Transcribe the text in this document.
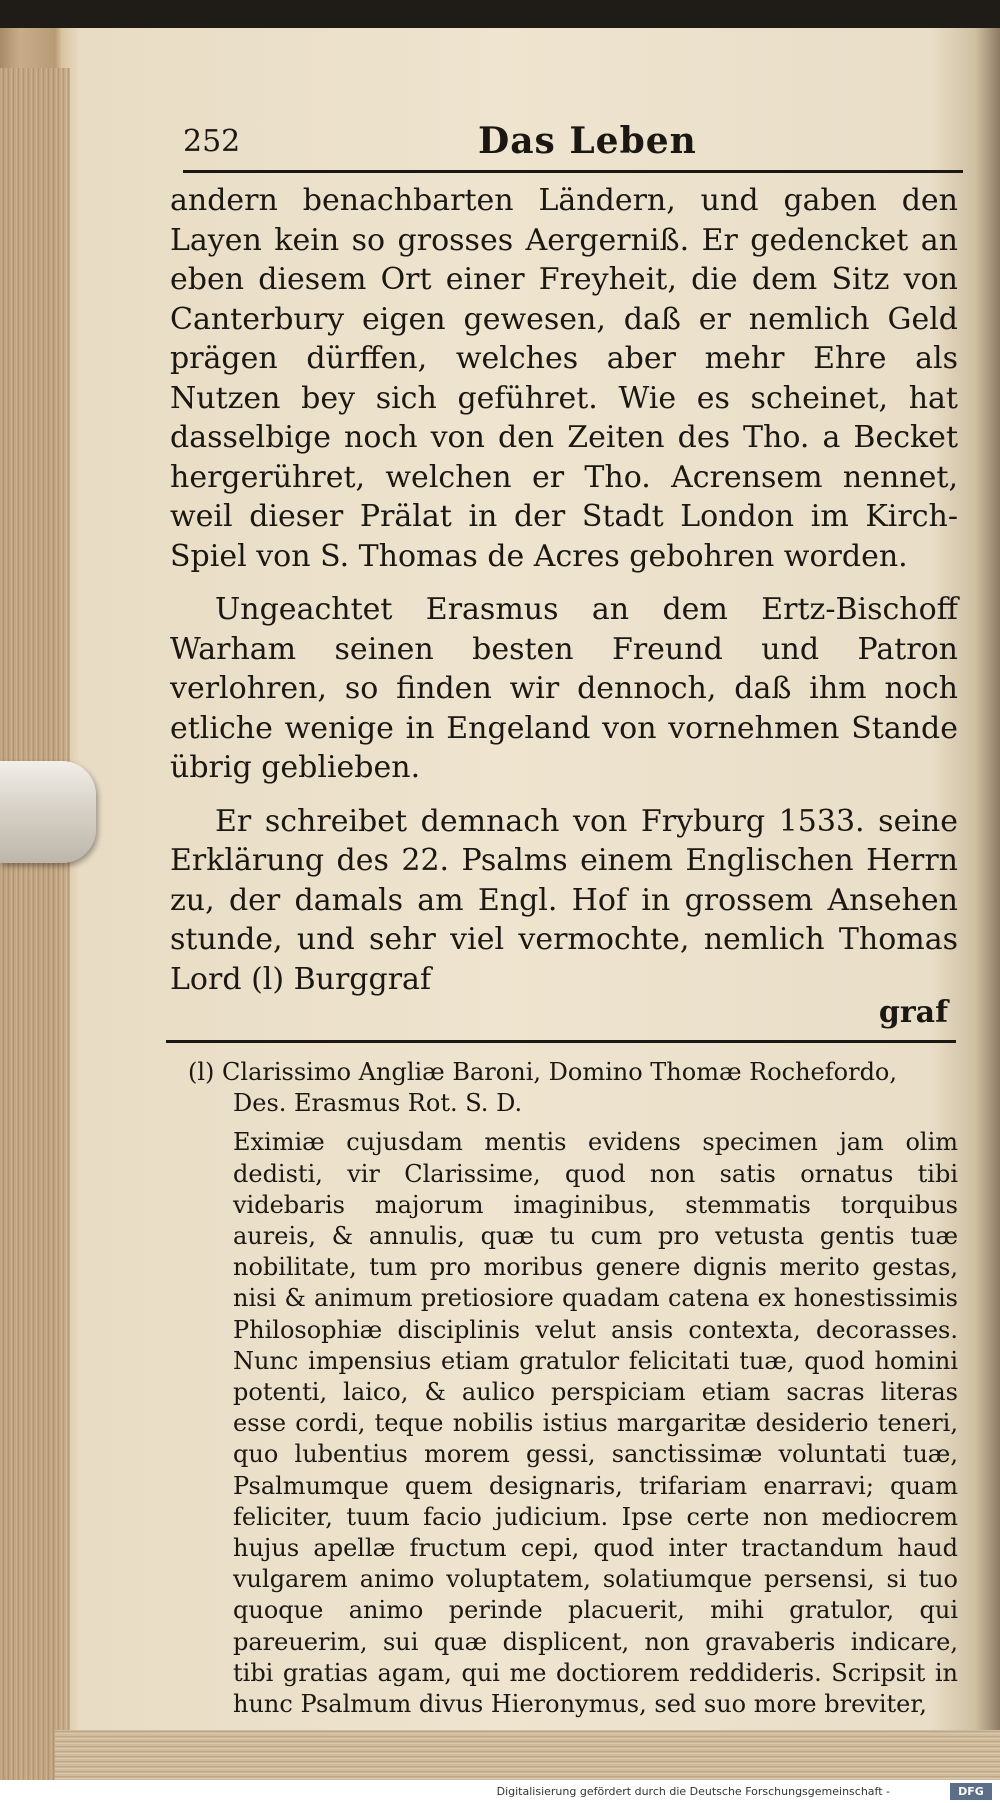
252	Das Leben

andern benachbarten Ländern, und gaben den Layen kein so grosses Aergerniß. Er gedencket an eben diesem Ort einer Freyheit, die dem Sitz von Canterbury eigen gewesen, daß er nemlich Geld prägen dürffen, welches aber mehr Ehre als Nutzen bey sich geführet. Wie es scheinet, hat dasselbige noch von den Zeiten des Tho. a Becket hergerühret, welchen er Tho. Acrensem nennet, weil dieser Prälat in der Stadt London im Kirch-Spiel von S. Thomas de Acres gebohren worden.

Ungeachtet Erasmus an dem Ertz-Bischoff Warham seinen besten Freund und Patron verlohren, so finden wir dennoch, daß ihm noch etliche wenige in Engeland von vornehmen Stande übrig geblieben.

Er schreibet demnach von Fryburg 1533. seine Erklärung des 22. Psalms einem Englischen Herrn zu, der damals am Engl. Hof in grossem Ansehen stunde, und sehr viel vermochte, nemlich Thomas Lord (l) Burggraf

graf

(l) Clarissimo Angliæ Baroni, Domino Thomæ Rochefordo, Des. Erasmus Rot. S. D.

Eximiæ cujusdam mentis evidens specimen jam olim dedisti, vir Clarissime, quod non satis ornatus tibi videbaris majorum imaginibus, stemmatis torquibus aureis, & annulis, quæ tu cum pro vetusta gentis tuæ nobilitate, tum pro moribus genere dignis merito gestas, nisi & animum pretiosiore quadam catena ex honestissimis Philosophiæ disciplinis velut ansis contexta, decorasses. Nunc impensius etiam gratulor felicitati tuæ, quod homini potenti, laico, & aulico perspiciam etiam sacras literas esse cordi, teque nobilis istius margaritæ desiderio teneri, quo lubentius morem gessi, sanctissimæ voluntati tuæ, Psalmumque quem designaris, trifariam enarravi; quam feliciter, tuum facio judicium. Ipse certe non mediocrem hujus apellæ fructum cepi, quod inter tractandum haud vulgarem animo voluptatem, solatiumque persensi, si tuo quoque animo perinde placuerit, mihi gratulor, qui pareuerim, sui quæ displicent, non gravaberis indicare, tibi gratias agam, qui me doctiorem reddideris. Scripsit in hunc Psalmum divus Hieronymus, sed suo more breviter,

Digitalisierung gefördert durch die Deutsche Forschungsgemeinschaft -	DFG
